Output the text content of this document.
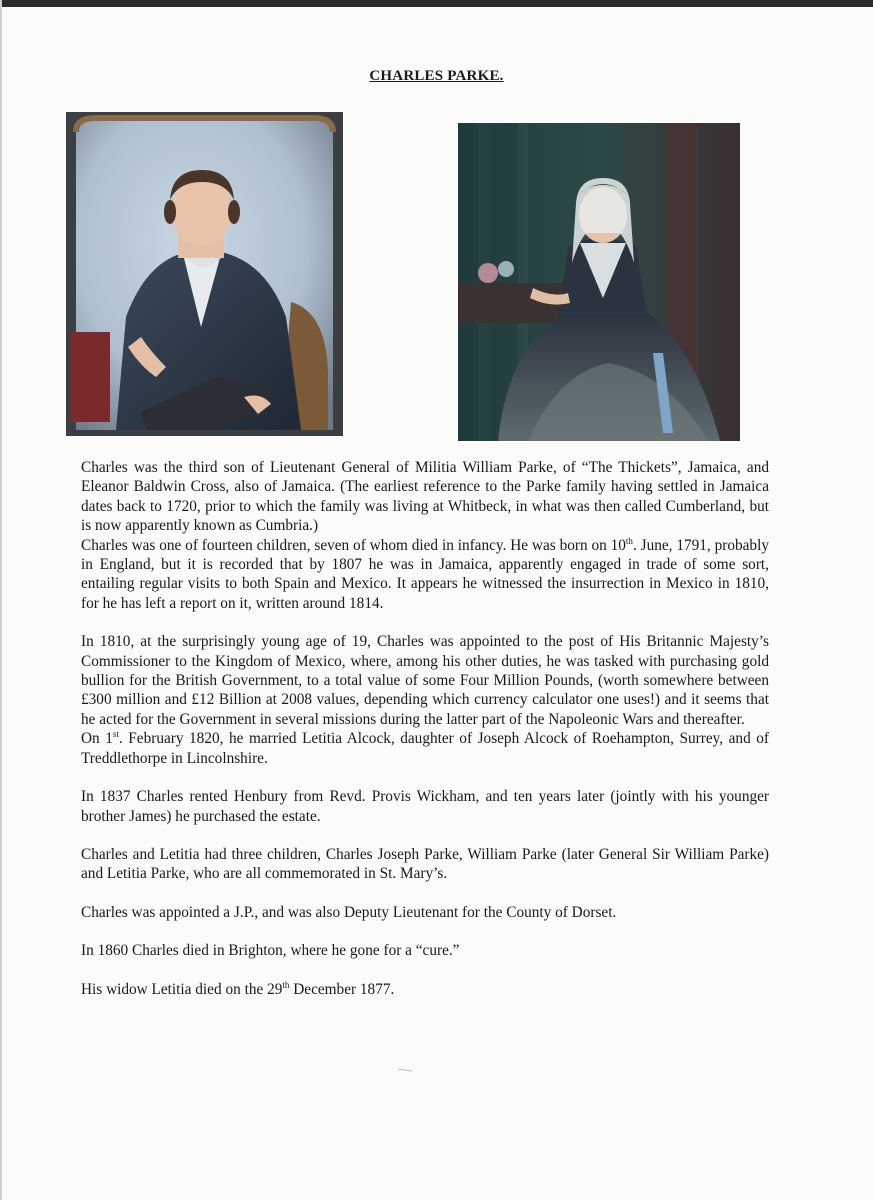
CHARLES PARKE.

Charles was the third son of Lieutenant General of Militia William Parke, of “The Thickets”, Jamaica, and Eleanor Baldwin Cross, also of Jamaica. (The earliest reference to the Parke family having settled in Jamaica dates back to 1720, prior to which the family was living at Whitbeck, in what was then called Cumberland, but is now apparently known as Cumbria.)

Charles was one of fourteen children, seven of whom died in infancy. He was born on 10th. June, 1791, probably in England, but it is recorded that by 1807 he was in Jamaica, apparently engaged in trade of some sort, entailing regular visits to both Spain and Mexico. It appears he witnessed the insurrection in Mexico in 1810, for he has left a report on it, written around 1814.

In 1810, at the surprisingly young age of 19, Charles was appointed to the post of His Britannic Majesty’s Commissioner to the Kingdom of Mexico, where, among his other duties, he was tasked with purchasing gold bullion for the British Government, to a total value of some Four Million Pounds, (worth somewhere between £300 million and £12 Billion at 2008 values, depending which currency calculator one uses!) and it seems that he acted for the Government in several missions during the latter part of the Napoleonic Wars and thereafter.

On 1st. February 1820, he married Letitia Alcock, daughter of Joseph Alcock of Roehampton, Surrey, and of Treddlethorpe in Lincolnshire.

In 1837 Charles rented Henbury from Revd. Provis Wickham, and ten years later (jointly with his younger brother James) he purchased the estate.

Charles and Letitia had three children, Charles Joseph Parke, William Parke (later General Sir William Parke) and Letitia Parke, who are all commemorated in St. Mary’s.

Charles was appointed a J.P., and was also Deputy Lieutenant for the County of Dorset.

In 1860 Charles died in Brighton, where he gone for a “cure.”

His widow Letitia died on the 29th December 1877.
